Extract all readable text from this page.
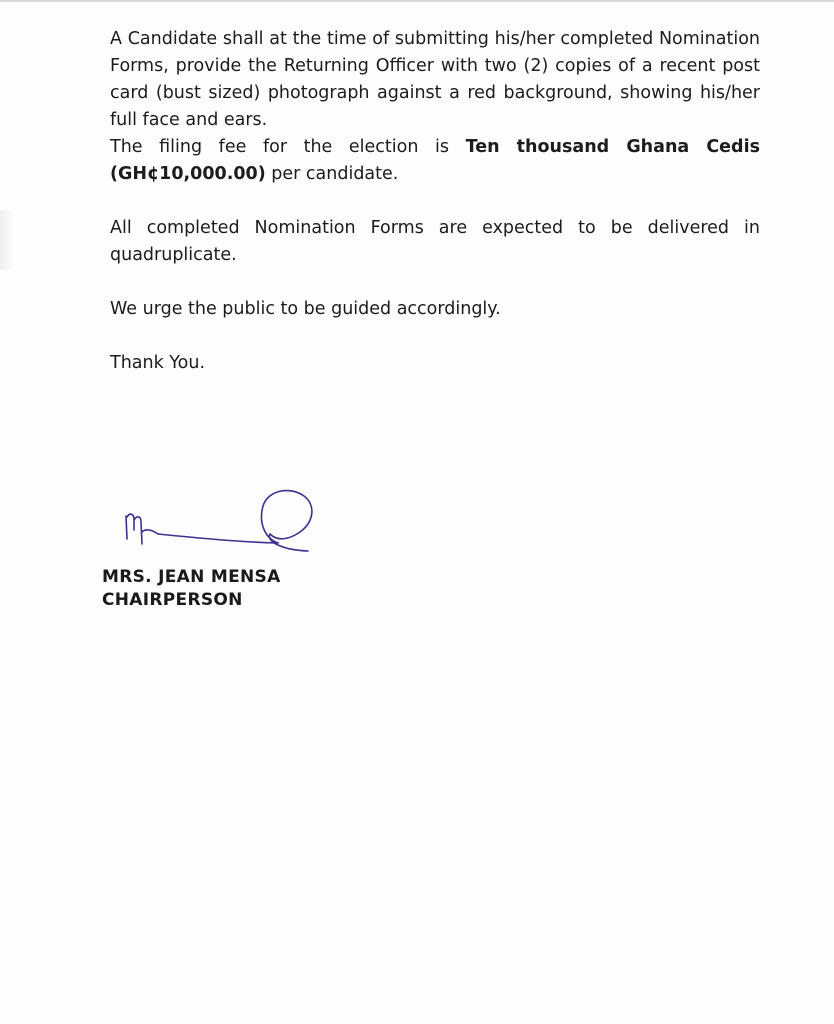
A Candidate shall at the time of submitting his/her completed Nomination Forms, provide the Returning Officer with two (2) copies of a recent post card (bust sized) photograph against a red background, showing his/her full face and ears.

The filing fee for the election is Ten thousand Ghana Cedis (GH¢10,000.00) per candidate.

All completed Nomination Forms are expected to be delivered in quadruplicate.

We urge the public to be guided accordingly.

Thank You.

MRS. JEAN MENSA
CHAIRPERSON
